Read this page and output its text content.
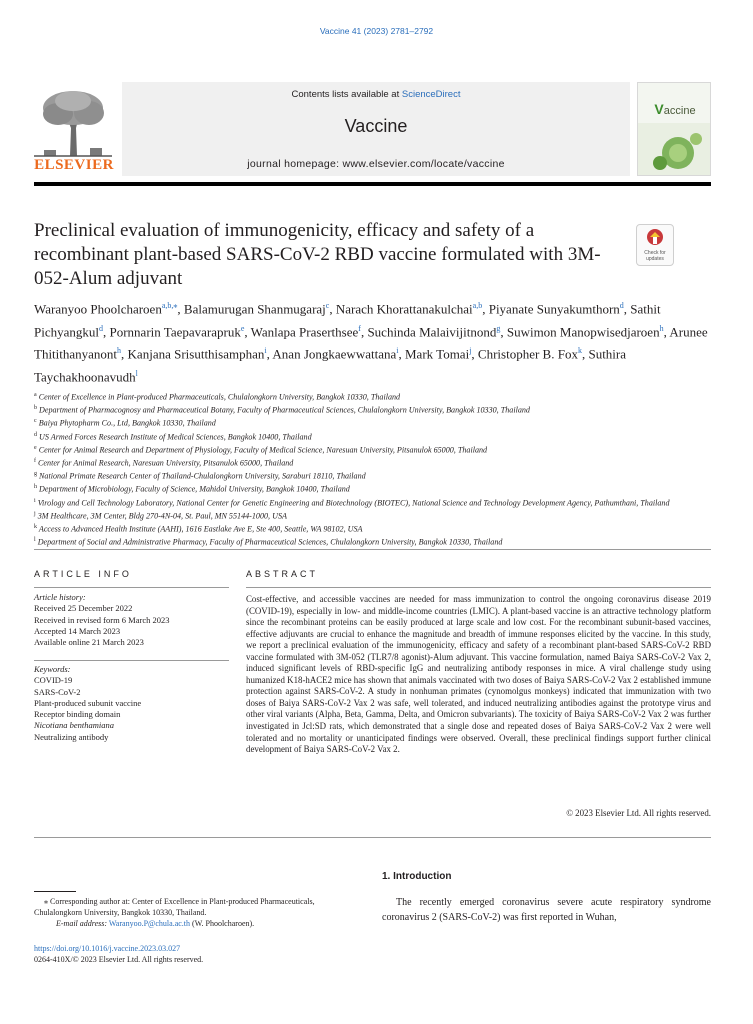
Vaccine 41 (2023) 2781–2792
ELSEVIER
Contents lists available at ScienceDirect
Vaccine
journal homepage: www.elsevier.com/locate/vaccine
Vaccine
Preclinical evaluation of immunogenicity, efficacy and safety of a recombinant plant-based SARS-CoV-2 RBD vaccine formulated with 3M-052-Alum adjuvant
Check for
updates
Waranyoo Phoolcharoen$^{a,b,⁎}$, Balamurugan Shanmugaraj$^c$, Narach Khorattanakulchai$^{a,b}$, Piyanate Sunyakumthorn$^d$, Sathit Pichyangkul$^d$, Pornnarin Taepavarapruk$^e$, Wanlapa Praserthsee$^f$, Suchinda Malaivijitnond$^g$, Suwimon Manopwisedjaroen$^h$, Arunee Thitithanyanont$^h$, Kanjana Srisutthisamphan$^i$, Anan Jongkaewwattana$^i$, Mark Tomai$^j$, Christopher B. Fox$^k$, Suthira Taychakhoonavudh$^l$
$^a$ Center of Excellence in Plant-produced Pharmaceuticals, Chulalongkorn University, Bangkok 10330, Thailand
$^b$ Department of Pharmacognosy and Pharmaceutical Botany, Faculty of Pharmaceutical Sciences, Chulalongkorn University, Bangkok 10330, Thailand
$^c$ Baiya Phytopharm Co., Ltd, Bangkok 10330, Thailand
$^d$ US Armed Forces Research Institute of Medical Sciences, Bangkok 10400, Thailand
$^e$ Center for Animal Research and Department of Physiology, Faculty of Medical Science, Naresuan University, Pitsanulok 65000, Thailand
$^f$ Center for Animal Research, Naresuan University, Pitsanulok 65000, Thailand
$^g$ National Primate Research Center of Thailand-Chulalongkorn University, Saraburi 18110, Thailand
$^h$ Department of Microbiology, Faculty of Science, Mahidol University, Bangkok 10400, Thailand
$^i$ Virology and Cell Technology Laboratory, National Center for Genetic Engineering and Biotechnology (BIOTEC), National Science and Technology Development Agency, Pathumthani, Thailand
$^j$ 3M Healthcare, 3M Center, Bldg 270-4N-04, St. Paul, MN 55144-1000, USA
$^k$ Access to Advanced Health Institute (AAHI), 1616 Eastlake Ave E, Ste 400, Seattle, WA 98102, USA
$^l$ Department of Social and Administrative Pharmacy, Faculty of Pharmaceutical Sciences, Chulalongkorn University, Bangkok 10330, Thailand
ARTICLE INFO	ABSTRACT
Article history:
Received 25 December 2022
Received in revised form 6 March 2023
Accepted 14 March 2023
Available online 21 March 2023
Keywords:
COVID-19
SARS-CoV-2
Plant-produced subunit vaccine
Receptor binding domain
Nicotiana benthamiana
Neutralizing antibody
Cost-effective, and accessible vaccines are needed for mass immunization to control the ongoing coronavirus disease 2019 (COVID-19), especially in low- and middle-income countries (LMIC). A plant-based vaccine is an attractive technology platform since the recombinant proteins can be easily produced at large scale and low cost. For the recombinant subunit-based vaccines, effective adjuvants are crucial to enhance the magnitude and breadth of immune responses elicited by the vaccine. In this study, we report a preclinical evaluation of the immunogenicity, efficacy and safety of a recombinant plant-based SARS-CoV-2 RBD vaccine formulated with 3M-052 (TLR7/8 agonist)-Alum adjuvant. This vaccine formulation, named Baiya SARS-CoV-2 Vax 2, induced significant levels of RBD-specific IgG and neutralizing antibody responses in mice. A viral challenge study using humanized K18-hACE2 mice has shown that animals vaccinated with two doses of Baiya SARS-CoV-2 Vax 2 established immune protection against SARS-CoV-2. A study in nonhuman primates (cynomolgus monkeys) indicated that immunization with two doses of Baiya SARS-CoV-2 Vax 2 was safe, well tolerated, and induced neutralizing antibodies against the prototype virus and other viral variants (Alpha, Beta, Gamma, Delta, and Omicron subvariants). The toxicity of Baiya SARS-CoV-2 Vax 2 was further investigated in Jcl:SD rats, which demonstrated that a single dose and repeated doses of Baiya SARS-CoV-2 Vax 2 were well tolerated and no mortality or unanticipated findings were observed. Overall, these preclinical findings support further clinical development of Baiya SARS-CoV-2 Vax 2.
© 2023 Elsevier Ltd. All rights reserved.
1. Introduction
The recently emerged coronavirus severe acute respiratory syndrome coronavirus 2 (SARS-CoV-2) was first reported in Wuhan,
⁎ Corresponding author at: Center of Excellence in Plant-produced Pharmaceuticals, Chulalongkorn University, Bangkok 10330, Thailand.
E-mail address: Waranyoo.P@chula.ac.th (W. Phoolcharoen).
https://doi.org/10.1016/j.vaccine.2023.03.027
0264-410X/© 2023 Elsevier Ltd. All rights reserved.
